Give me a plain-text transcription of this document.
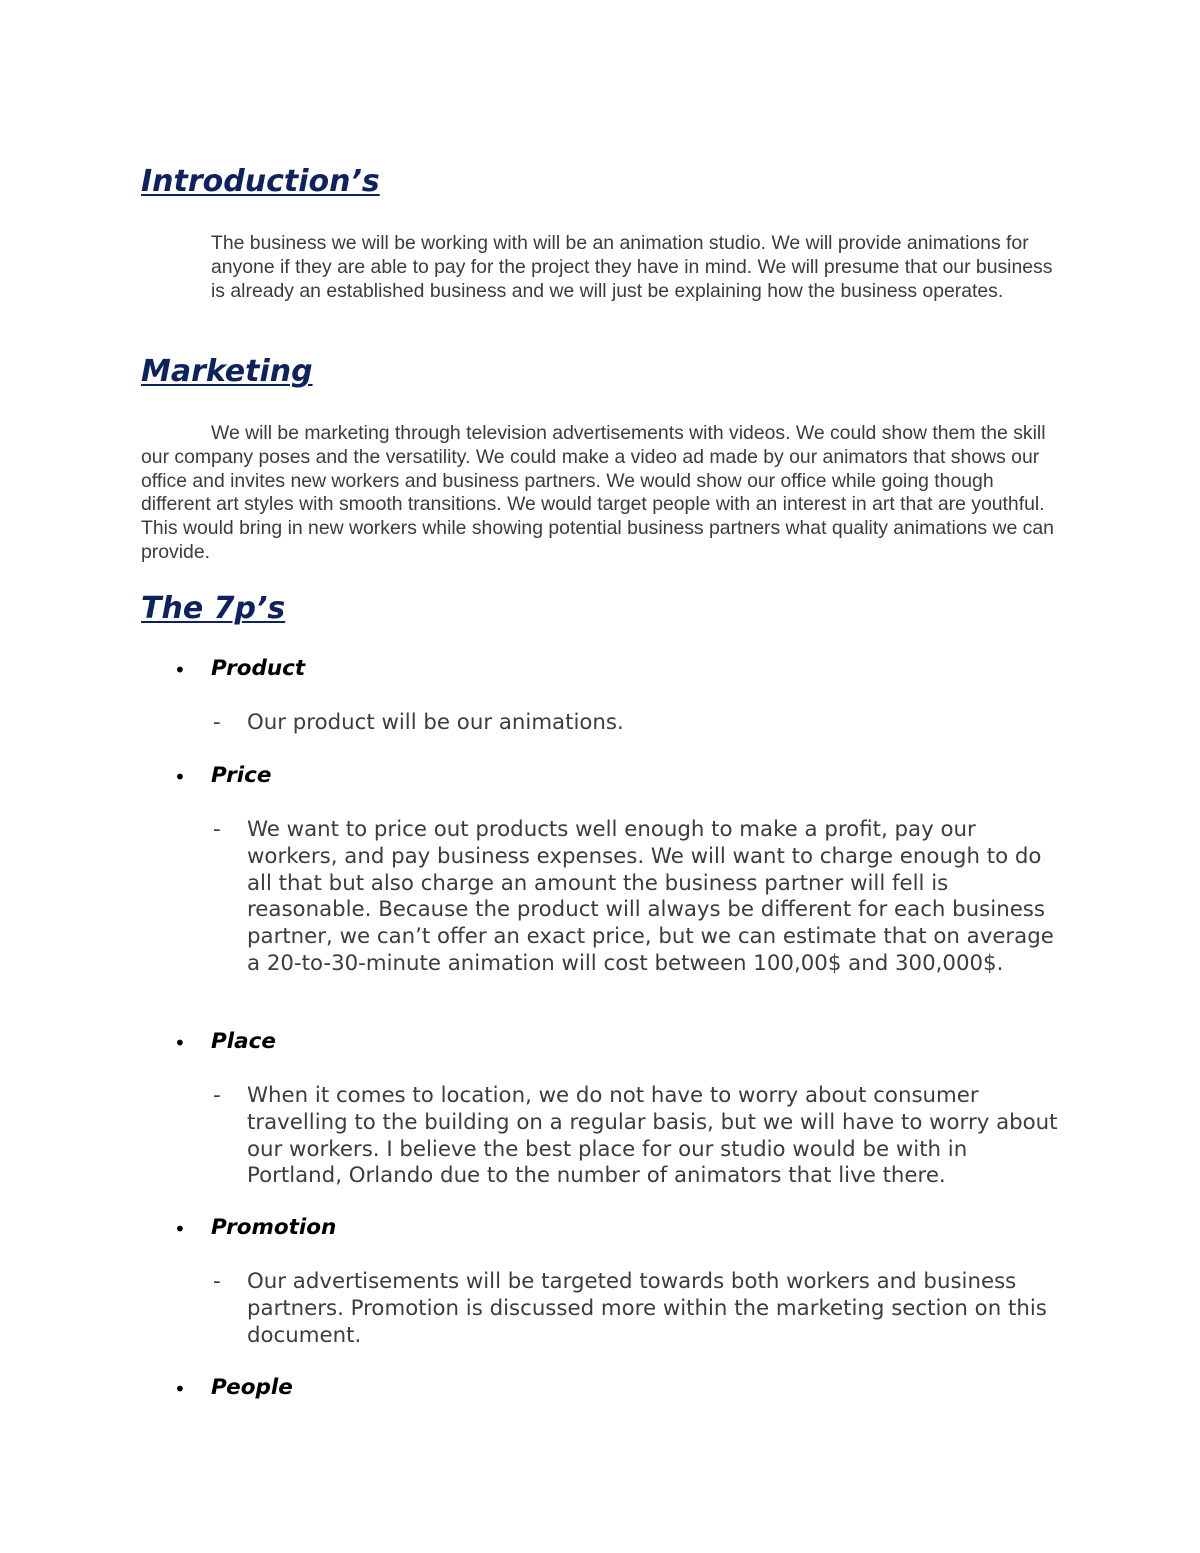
Introduction’s

The business we will be working with will be an animation studio. We will provide animations for anyone if they are able to pay for the project they have in mind. We will presume that our business is already an established business and we will just be explaining how the business operates.

Marketing

We will be marketing through television advertisements with videos. We could show them the skill our company poses and the versatility. We could make a video ad made by our animators that shows our office and invites new workers and business partners. We would show our office while going though different art styles with smooth transitions. We would target people with an interest in art that are youthful. This would bring in new workers while showing potential business partners what quality animations we can provide.

The 7p’s
• Product

- Our product will be our animations.

• Price

- We want to price out products well enough to make a profit, pay our workers, and pay business expenses. We will want to charge enough to do all that but also charge an amount the business partner will fell is reasonable. Because the product will always be different for each business partner, we can’t offer an exact price, but we can estimate that on average a 20-to-30-minute animation will cost between 100,00$ and 300,000$.

• Place

- When it comes to location, we do not have to worry about consumer travelling to the building on a regular basis, but we will have to worry about our workers. I believe the best place for our studio would be with in Portland, Orlando due to the number of animators that live there.

• Promotion

- Our advertisements will be targeted towards both workers and business partners. Promotion is discussed more within the marketing section on this document.

• People
